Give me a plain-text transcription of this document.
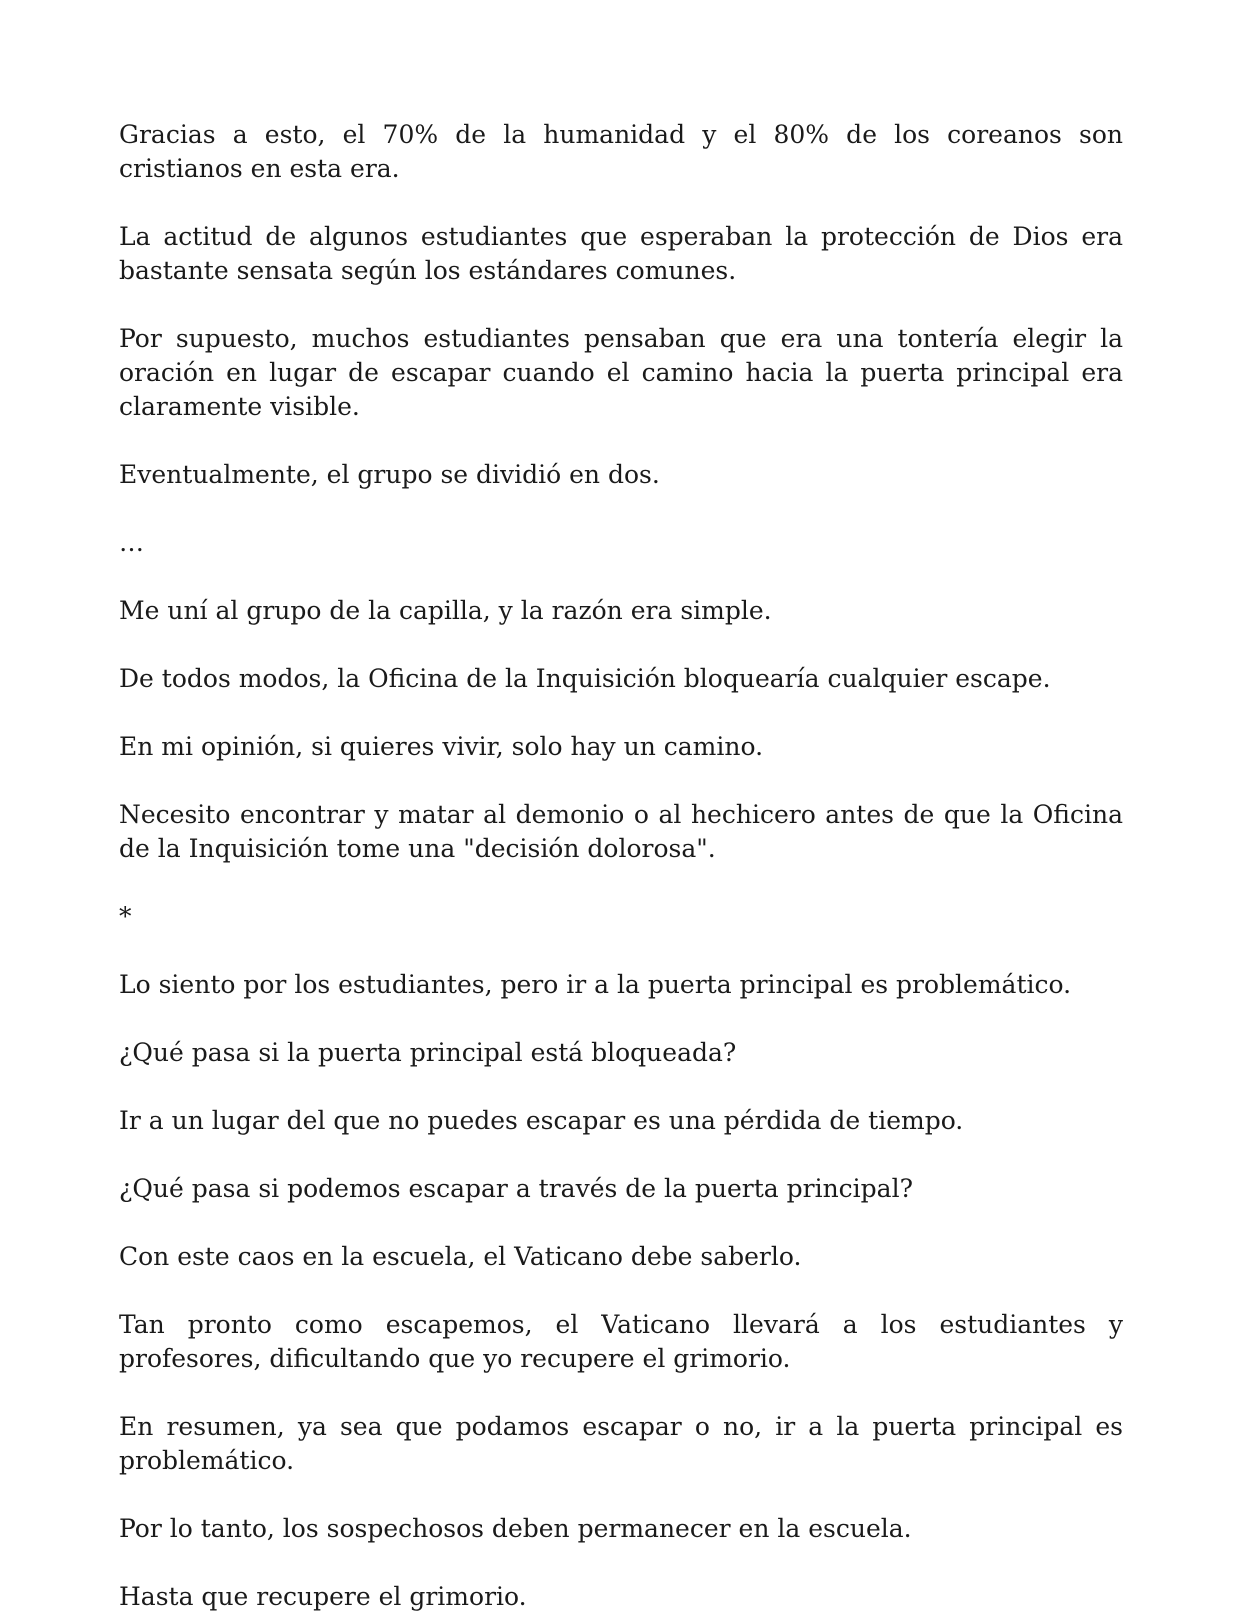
Gracias a esto, el 70% de la humanidad y el 80% de los coreanos son cristianos en esta era.

La actitud de algunos estudiantes que esperaban la protección de Dios era bastante sensata según los estándares comunes.

Por supuesto, muchos estudiantes pensaban que era una tontería elegir la oración en lugar de escapar cuando el camino hacia la puerta principal era claramente visible.

Eventualmente, el grupo se dividió en dos.

…

Me uní al grupo de la capilla, y la razón era simple.

De todos modos, la Oficina de la Inquisición bloquearía cualquier escape.

En mi opinión, si quieres vivir, solo hay un camino.

Necesito encontrar y matar al demonio o al hechicero antes de que la Oficina de la Inquisición tome una "decisión dolorosa".

*

Lo siento por los estudiantes, pero ir a la puerta principal es problemático.

¿Qué pasa si la puerta principal está bloqueada?

Ir a un lugar del que no puedes escapar es una pérdida de tiempo.

¿Qué pasa si podemos escapar a través de la puerta principal?

Con este caos en la escuela, el Vaticano debe saberlo.

Tan pronto como escapemos, el Vaticano llevará a los estudiantes y profesores, dificultando que yo recupere el grimorio.

En resumen, ya sea que podamos escapar o no, ir a la puerta principal es problemático.

Por lo tanto, los sospechosos deben permanecer en la escuela.

Hasta que recupere el grimorio.
